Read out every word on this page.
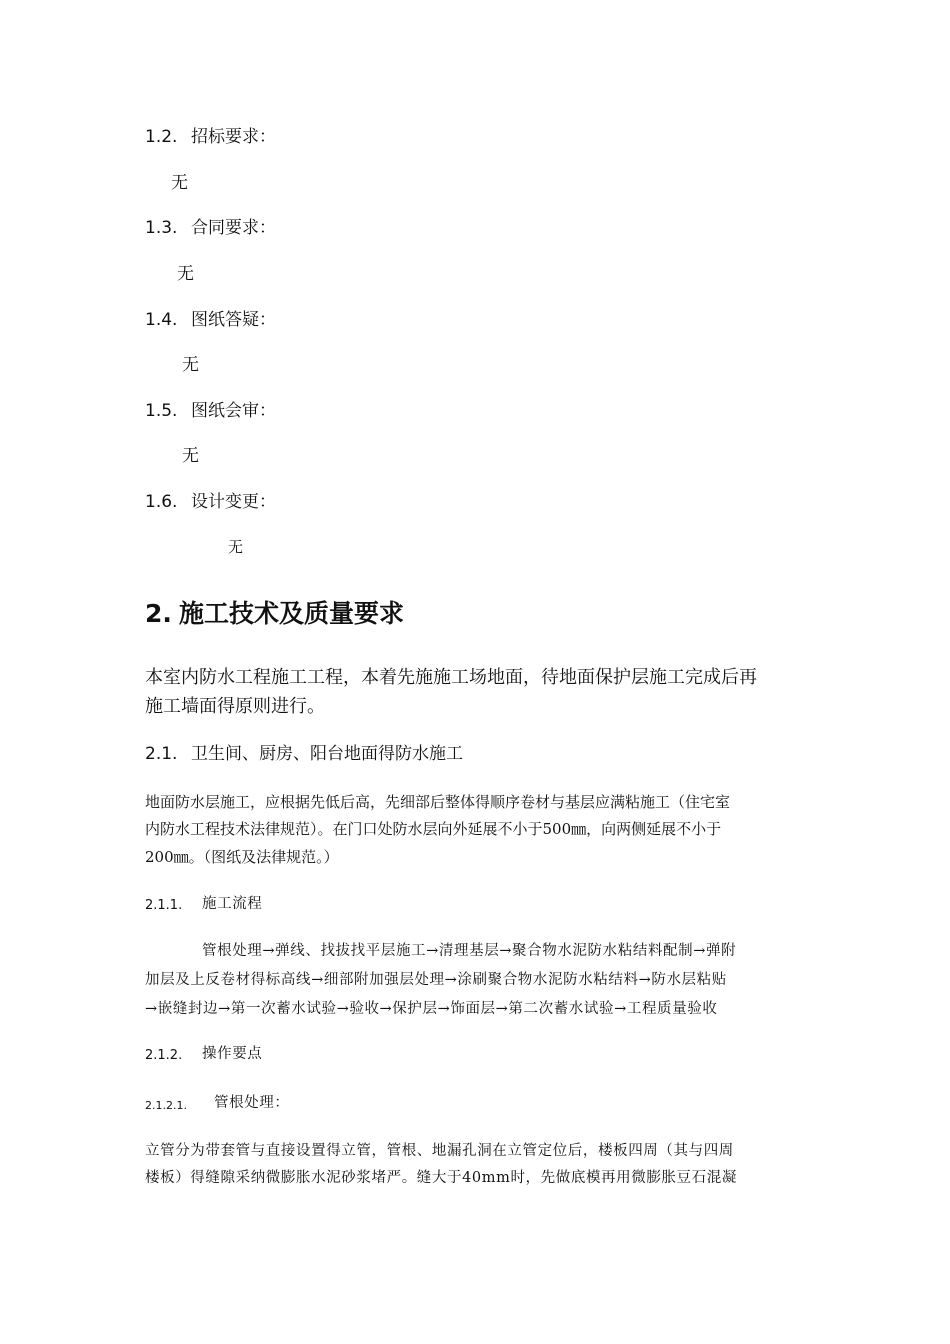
1.2. 招标要求：
无
1.3. 合同要求：
无
1.4. 图纸答疑：
无
1.5. 图纸会审：
无
1.6. 设计变更：
无
2. 施工技术及质量要求
本室内防水工程施工工程，本着先施施工场地面，待地面保护层施工完成后再
施工墙面得原则进行。
2.1. 卫生间、厨房、阳台地面得防水施工
地面防水层施工，应根据先低后高，先细部后整体得顺序卷材与基层应满粘施工（住宅室
内防水工程技术法律规范）。在门口处防水层向外延展不小于500㎜，向两侧延展不小于
200㎜。（图纸及法律规范。）
2.1.1. 施工流程
管根处理→弹线、找拔找平层施工→清理基层→聚合物水泥防水粘结料配制→弹附
加层及上反卷材得标高线→细部附加强层处理→涂刷聚合物水泥防水粘结料→防水层粘贴
→嵌缝封边→第一次蓄水试验→验收→保护层→饰面层→第二次蓄水试验→工程质量验收
2.1.2. 操作要点
2.1.2.1. 管根处理：
立管分为带套管与直接设置得立管，管根、地漏孔洞在立管定位后，楼板四周（其与四周
楼板）得缝隙采纳微膨胀水泥砂浆堵严。缝大于40mm时，先做底模再用微膨胀豆石混凝
